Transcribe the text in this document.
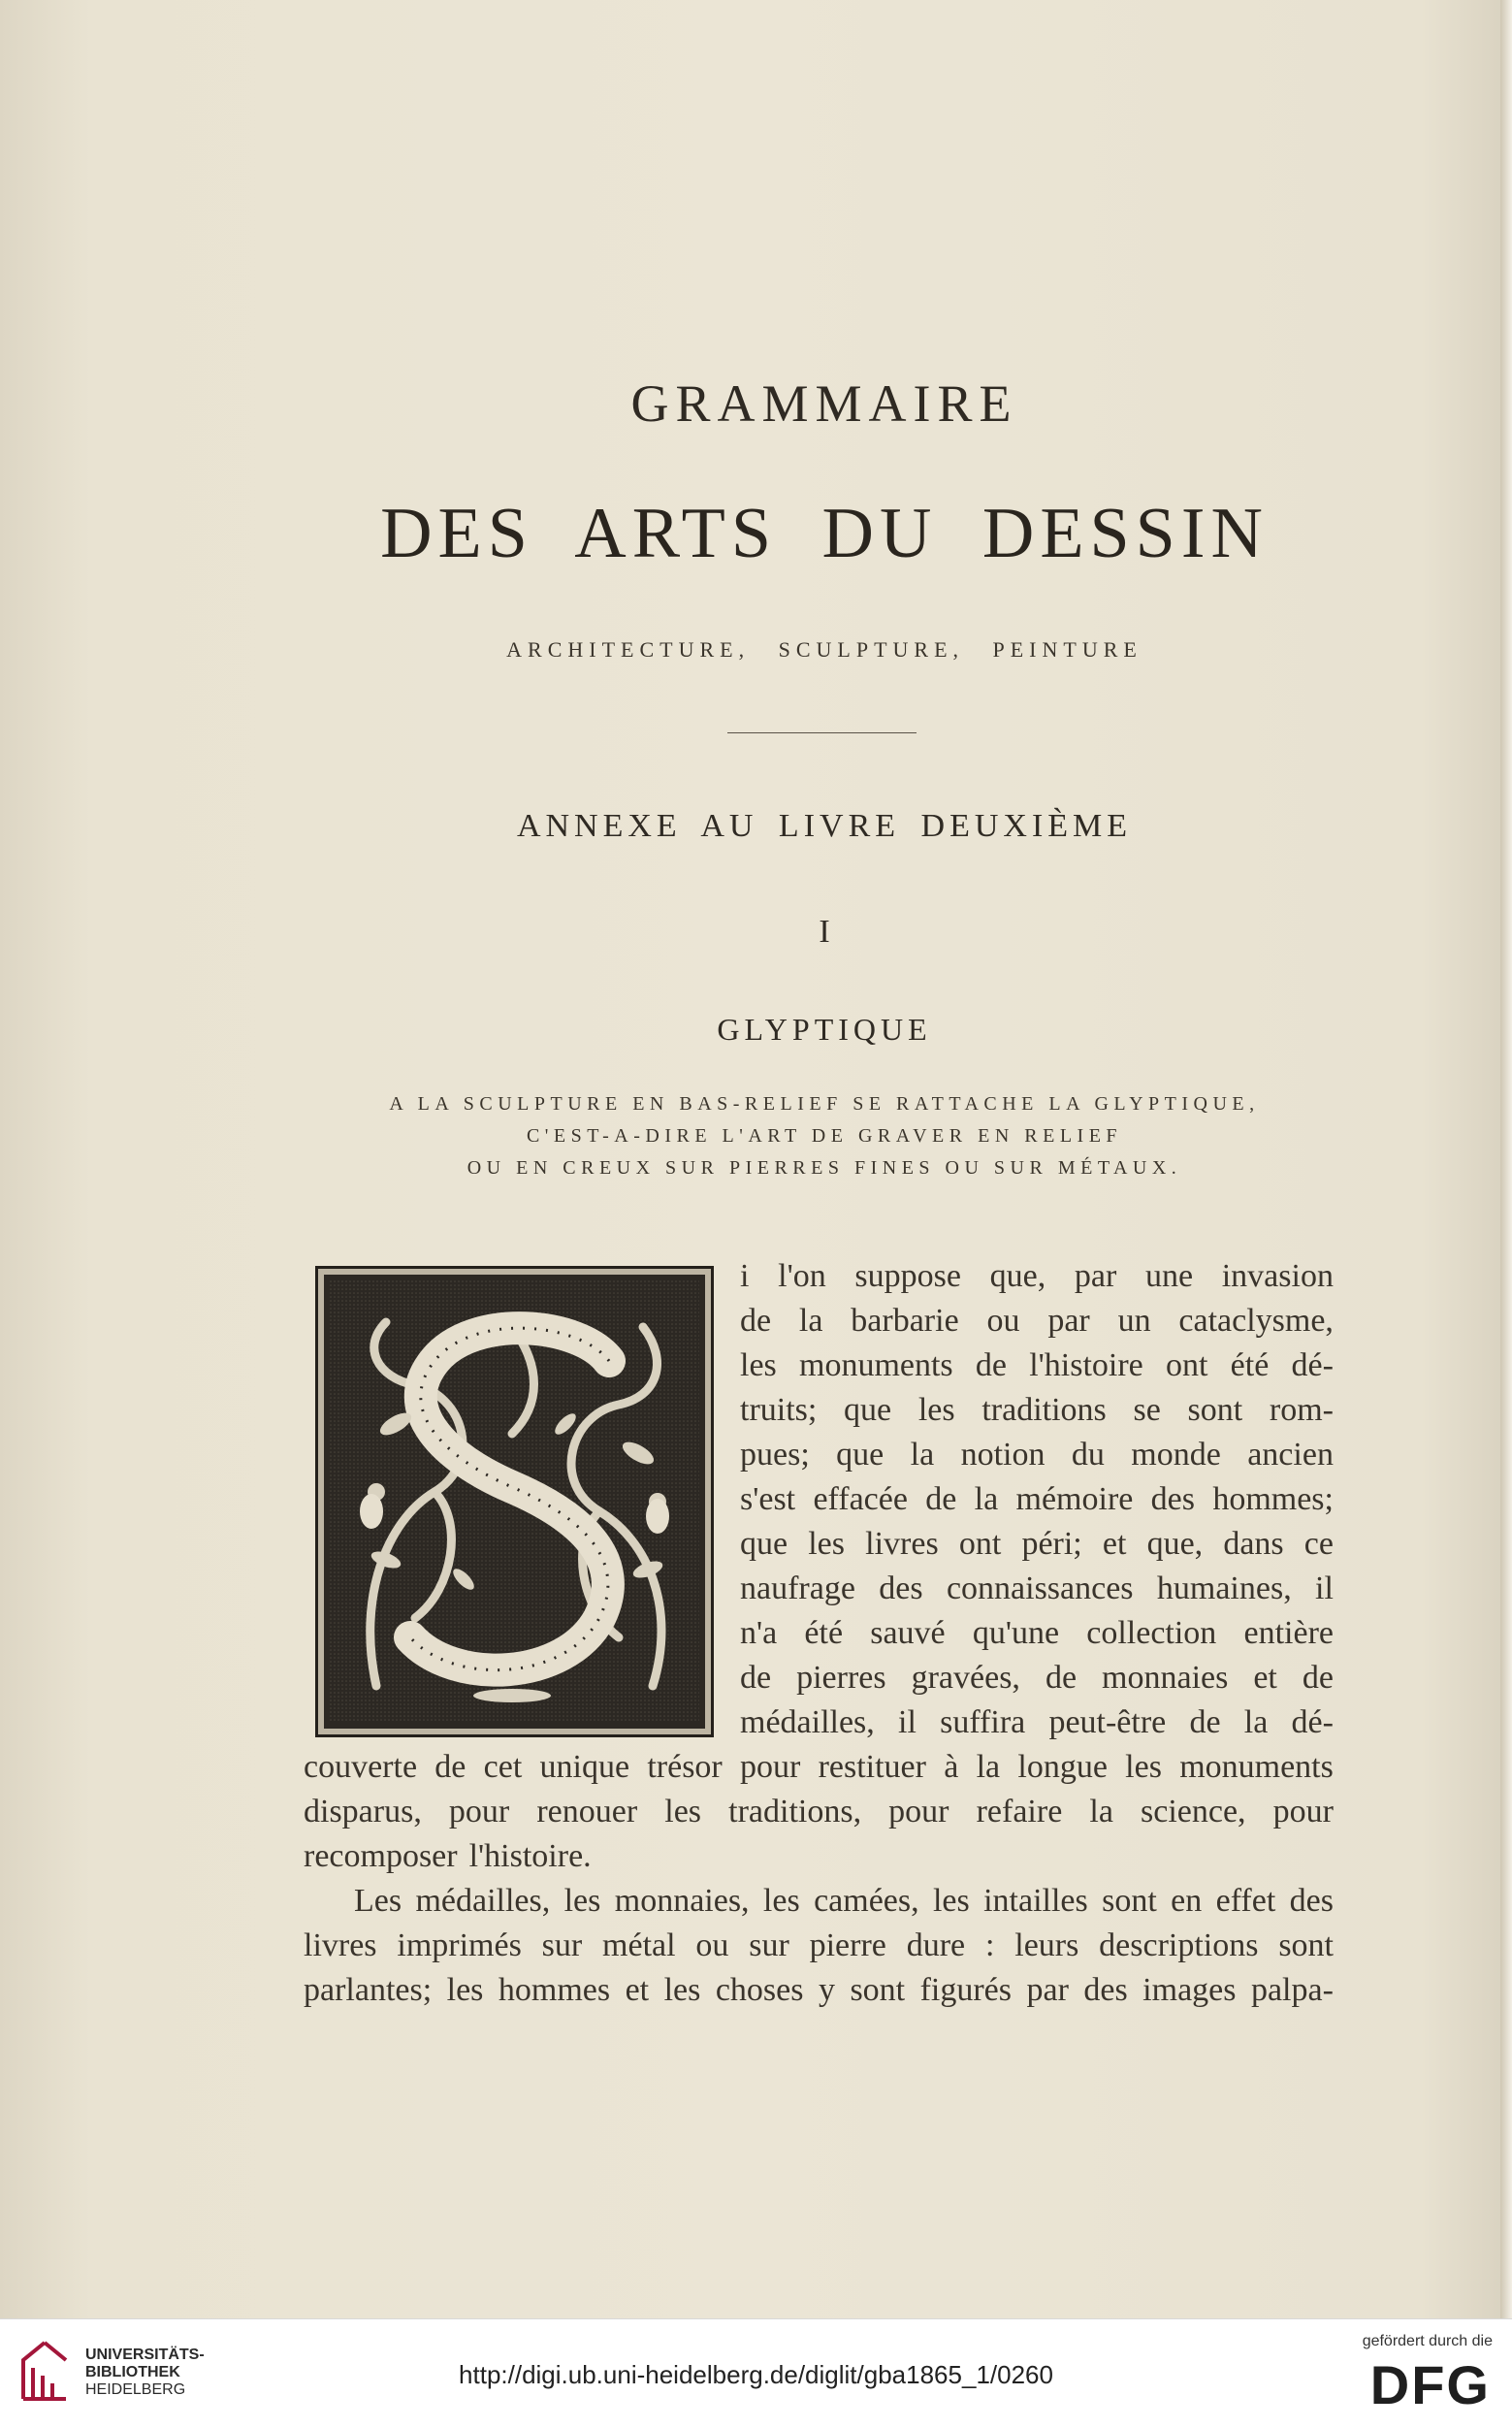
GRAMMAIRE
DES ARTS DU DESSIN
ARCHITECTURE, SCULPTURE, PEINTURE
ANNEXE AU LIVRE DEUXIÈME
I
GLYPTIQUE
A LA SCULPTURE EN BAS-RELIEF SE RATTACHE LA GLYPTIQUE,
C'EST-A-DIRE L'ART DE GRAVER EN RELIEF
OU EN CREUX SUR PIERRES FINES OU SUR MÉTAUX.
i l'on suppose que, par une invasion
de la barbarie ou par un cataclysme,
les monuments de l'histoire ont été dé-
truits; que les traditions se sont rom-
pues; que la notion du monde ancien
s'est effacée de la mémoire des hommes;
que les livres ont péri; et que, dans ce
naufrage des connaissances humaines, il
n'a été sauvé qu'une collection entière
de pierres gravées, de monnaies et de
médailles, il suffira peut-être de la dé-
couverte de cet unique trésor pour restituer à la longue les monuments
disparus, pour renouer les traditions, pour refaire la science, pour
recomposer l'histoire.
Les médailles, les monnaies, les camées, les intailles sont en effet des
livres imprimés sur métal ou sur pierre dure : leurs descriptions sont
parlantes; les hommes et les choses y sont figurés par des images palpa-
UNIVERSITÄTS-
BIBLIOTHEK
HEIDELBERG
http://digi.ub.uni-heidelberg.de/diglit/gba1865_1/0260
gefördert durch die
DFG
